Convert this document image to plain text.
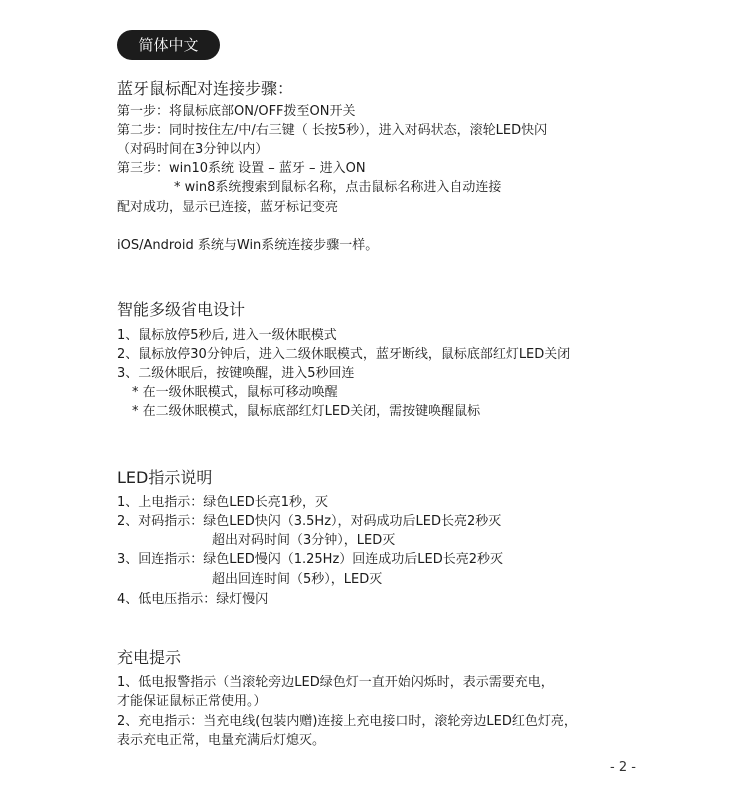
简体中文
蓝牙鼠标配对连接步骤：
第一步：将鼠标底部ON/OFF拨至ON开关
第二步：同时按住左/中/右三键（ 长按5秒），进入对码状态，滚轮LED快闪
（对码时间在3分钟以内）
第三步：win10系统 设置 – 蓝牙 – 进入ON
* win8系统搜索到鼠标名称，点击鼠标名称进入自动连接
配对成功，显示已连接，蓝牙标记变亮
iOS/Android 系统与Win系统连接步骤一样。
智能多级省电设计
1、鼠标放停5秒后, 进入一级休眠模式
2、鼠标放停30分钟后，进入二级休眠模式，蓝牙断线，鼠标底部红灯LED关闭
3、二级休眠后，按键唤醒，进入5秒回连
* 在一级休眠模式，鼠标可移动唤醒
* 在二级休眠模式，鼠标底部红灯LED关闭，需按键唤醒鼠标
LED指示说明
1、上电指示：绿色LED长亮1秒，灭
2、对码指示：绿色LED快闪（3.5Hz），对码成功后LED长亮2秒灭
超出对码时间（3分钟），LED灭
3、回连指示：绿色LED慢闪（1.25Hz）回连成功后LED长亮2秒灭
超出回连时间（5秒），LED灭
4、低电压指示：绿灯慢闪
充电提示
1、低电报警指示（当滚轮旁边LED绿色灯一直开始闪烁时，表示需要充电，
才能保证鼠标正常使用。）
2、充电指示：当充电线(包装内赠)连接上充电接口时，滚轮旁边LED红色灯亮，
表示充电正常，电量充满后灯熄灭。
- 2 -
